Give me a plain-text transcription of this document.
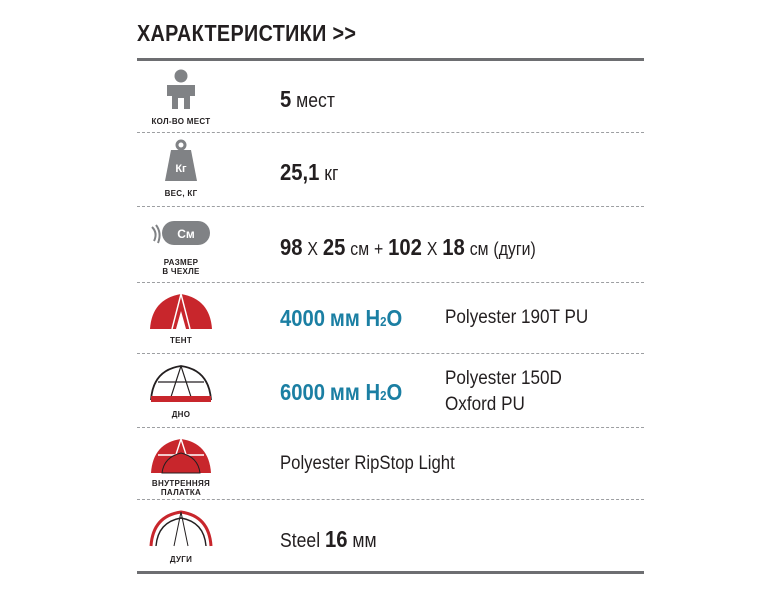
ХАРАКТЕРИСТИКИ >>
КОЛ-ВО МЕСТ
5 мест
Кг
ВЕС, КГ
25,1 кг
См
РАЗМЕР
В ЧЕХЛЕ
98 Х 25 см + 102 Х 18 см (дуги)
ТЕНТ
4000 мм H2O Polyester 190T PU
ДНО
6000 мм H2O
Polyester 150D
Oxford PU
ВНУТРЕННЯЯ
ПАЛАТКА
Polyester RipStop Light
ДУГИ
Steel 16 мм
